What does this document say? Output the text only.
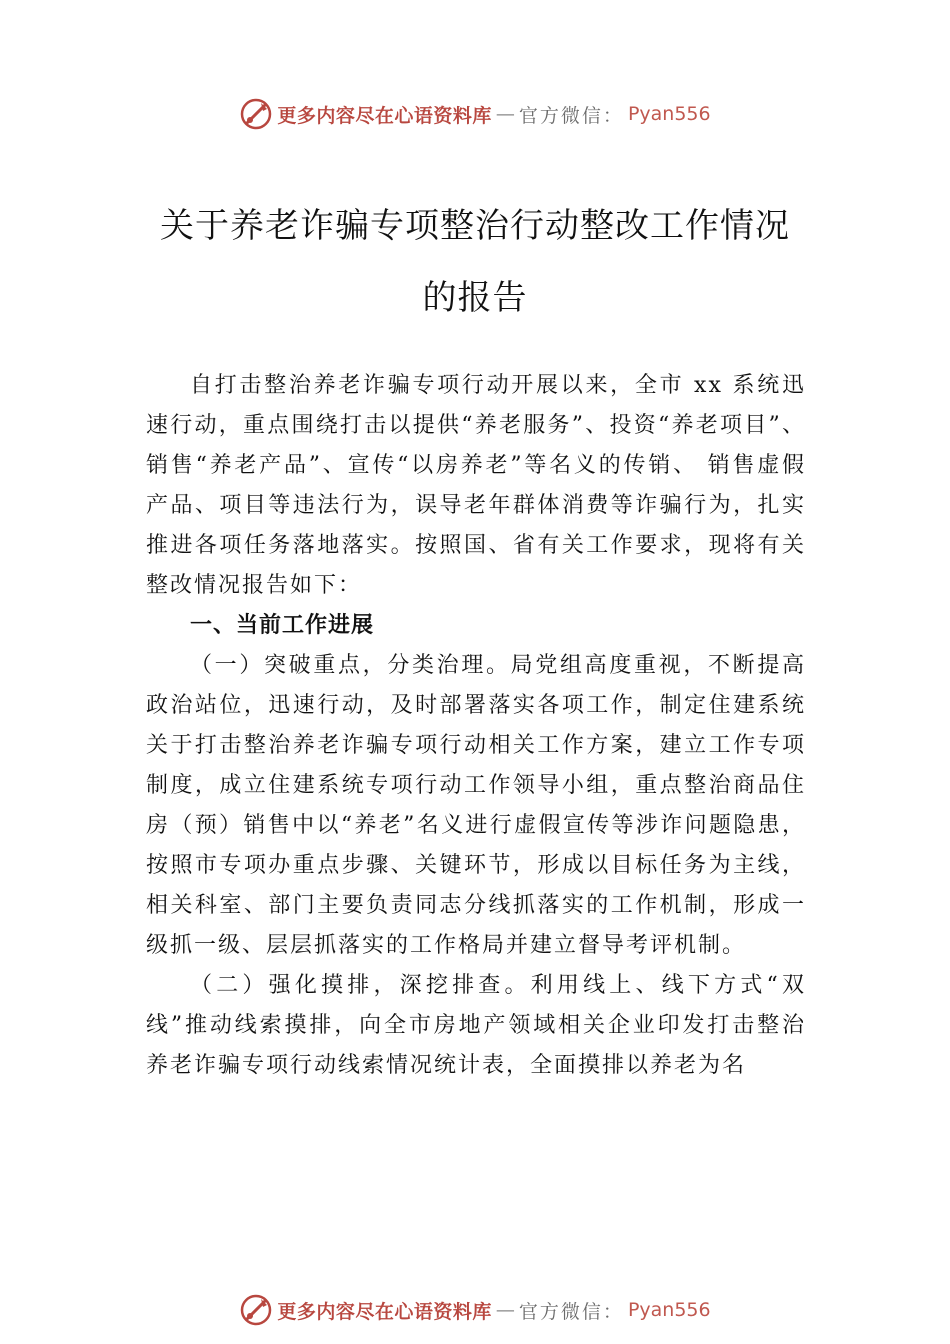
更多内容尽在心语资料库 — 官方微信： Pyan556
关于养老诈骗专项整治行动整改工作情况
的报告

自打击整治养老诈骗专项行动开展以来，全市 xx 系统迅速行动，重点围绕打击以提供“养老服务”、投资“养老项目”、销售“养老产品”、宣传“以房养老”等名义的传销、 销售虚假产品、项目等违法行为，误导老年群体消费等诈骗行为，扎实推进各项任务落地落实。按照国、省有关工作要求，现将有关整改情况报告如下：

一、当前工作进展

（一）突破重点，分类治理。局党组高度重视，不断提高政治站位，迅速行动，及时部署落实各项工作，制定住建系统关于打击整治养老诈骗专项行动相关工作方案，建立工作专项制度，成立住建系统专项行动工作领导小组，重点整治商品住房（预）销售中以“养老”名义进行虚假宣传等涉诈问题隐患，按照市专项办重点步骤、关键环节，形成以目标任务为主线，相关科室、部门主要负责同志分线抓落实的工作机制，形成一级抓一级、层层抓落实的工作格局并建立督导考评机制。

（二）强化摸排，深挖排查。利用线上、线下方式“双线”推动线索摸排，向全市房地产领域相关企业印发打击整治养老诈骗专项行动线索情况统计表，全面摸排以养老为名

更多内容尽在心语资料库 — 官方微信： Pyan556
